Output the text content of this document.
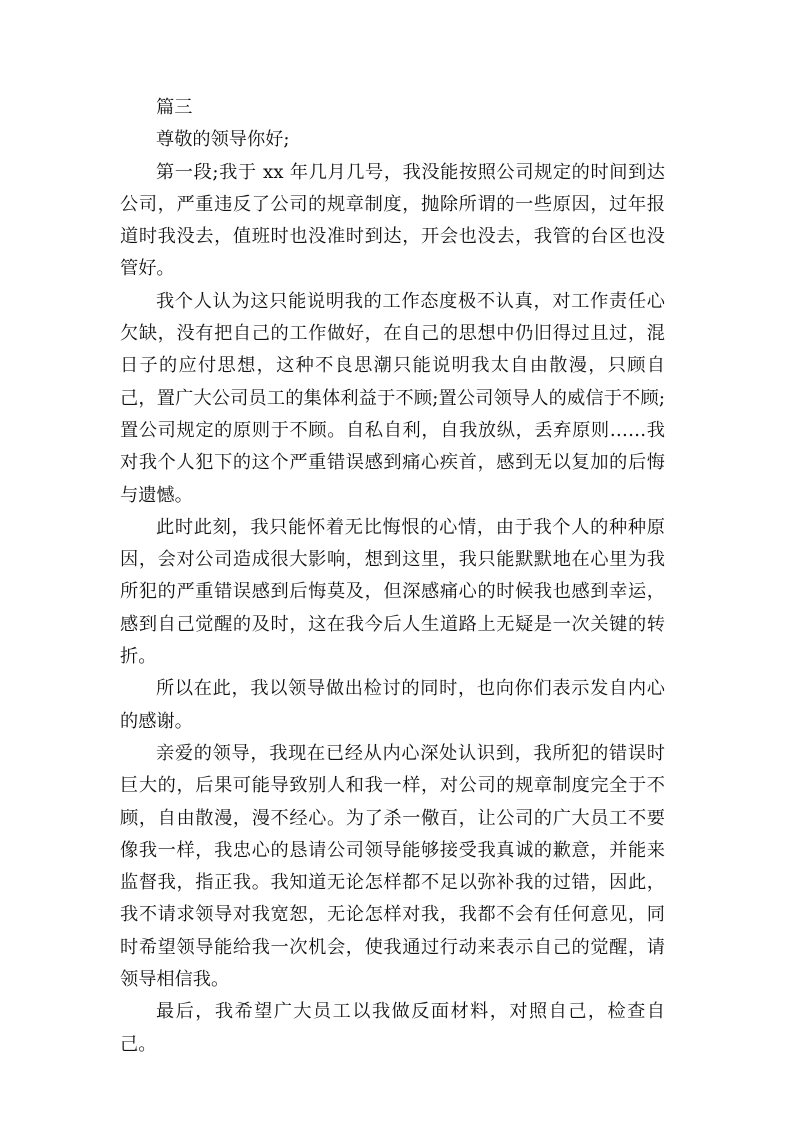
篇三

尊敬的领导你好;

第一段;我于 xx 年几月几号，我没能按照公司规定的时间到达公司，严重违反了公司的规章制度，抛除所谓的一些原因，过年报道时我没去，值班时也没准时到达，开会也没去，我管的台区也没管好。

我个人认为这只能说明我的工作态度极不认真，对工作责任心欠缺，没有把自己的工作做好，在自己的思想中仍旧得过且过，混日子的应付思想，这种不良思潮只能说明我太自由散漫，只顾自己，置广大公司员工的集体利益于不顾;置公司领导人的威信于不顾;置公司规定的原则于不顾。自私自利，自我放纵，丢弃原则……我对我个人犯下的这个严重错误感到痛心疾首，感到无以复加的后悔与遗憾。

此时此刻，我只能怀着无比悔恨的心情，由于我个人的种种原因，会对公司造成很大影响，想到这里，我只能默默地在心里为我所犯的严重错误感到后悔莫及，但深感痛心的时候我也感到幸运，感到自己觉醒的及时，这在我今后人生道路上无疑是一次关键的转折。

所以在此，我以领导做出检讨的同时，也向你们表示发自内心的感谢。

亲爱的领导，我现在已经从内心深处认识到，我所犯的错误时巨大的，后果可能导致别人和我一样，对公司的规章制度完全于不顾，自由散漫，漫不经心。为了杀一儆百，让公司的广大员工不要像我一样，我忠心的恳请公司领导能够接受我真诚的歉意，并能来监督我，指正我。我知道无论怎样都不足以弥补我的过错，因此，我不请求领导对我宽恕，无论怎样对我，我都不会有任何意见，同时希望领导能给我一次机会，使我通过行动来表示自己的觉醒，请领导相信我。

最后，我希望广大员工以我做反面材料，对照自己，检查自己。
